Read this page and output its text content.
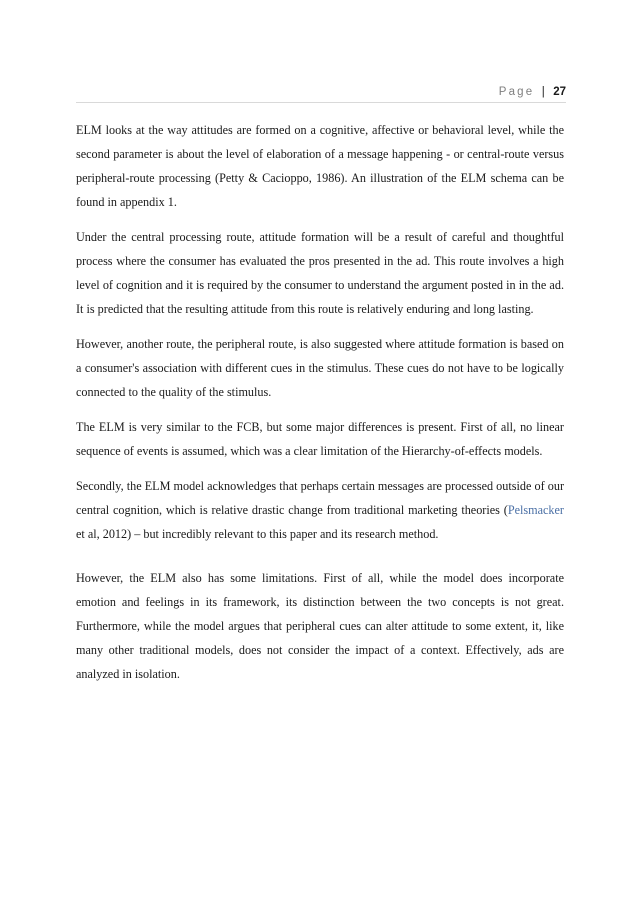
Page | 27

ELM looks at the way attitudes are formed on a cognitive, affective or behavioral level, while the second parameter is about the level of elaboration of a message happening - or central-route versus peripheral-route processing (Petty & Cacioppo, 1986). An illustration of the ELM schema can be found in appendix 1.

Under the central processing route, attitude formation will be a result of careful and thoughtful process where the consumer has evaluated the pros presented in the ad. This route involves a high level of cognition and it is required by the consumer to understand the argument posted in in the ad. It is predicted that the resulting attitude from this route is relatively enduring and long lasting.

However, another route, the peripheral route, is also suggested where attitude formation is based on a consumer's association with different cues in the stimulus. These cues do not have to be logically connected to the quality of the stimulus.

The ELM is very similar to the FCB, but some major differences is present. First of all, no linear sequence of events is assumed, which was a clear limitation of the Hierarchy-of-effects models.

Secondly, the ELM model acknowledges that perhaps certain messages are processed outside of our central cognition, which is relative drastic change from traditional marketing theories (Pelsmacker et al, 2012) – but incredibly relevant to this paper and its research method.

However, the ELM also has some limitations. First of all, while the model does incorporate emotion and feelings in its framework, its distinction between the two concepts is not great. Furthermore, while the model argues that peripheral cues can alter attitude to some extent, it, like many other traditional models, does not consider the impact of a context. Effectively, ads are analyzed in isolation.
